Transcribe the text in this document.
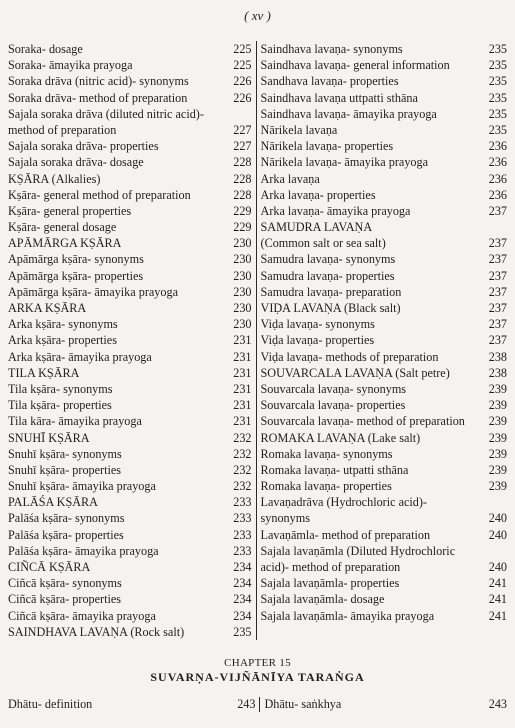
( xv )
Soraka- dosage	225
Soraka- āmayika prayoga	225
Soraka drāva (nitric acid)- synonyms	226
Soraka drāva- method of preparation	226
Sajala soraka drāva (diluted nitric acid)-
method of preparation	227
Sajala soraka drāva- properties	227
Sajala soraka drāva- dosage	228
KṢĀRA (Alkalies)	228
Kṣāra- general method of preparation	228
Kṣāra- general properties	229
Kṣāra- general dosage	229
APĀMĀRGA KṢĀRA	230
Apāmārga kṣāra- synonyms	230
Apāmārga kṣāra- properties	230
Apāmārga kṣāra- āmayika prayoga	230
ARKA KṢĀRA	230
Arka kṣāra- synonyms	230
Arka kṣāra- properties	231
Arka kṣāra- āmayika prayoga	231
TILA KṢĀRA	231
Tila kṣāra- synonyms	231
Tila kṣāra- properties	231
Tila kāra- āmayika prayoga	231
SNUHĪ KṢĀRA	232
Snuhī kṣāra- synonyms	232
Snuhī kṣāra- properties	232
Snuhī kṣāra- āmayika prayoga	232
PALĀŚA KṢĀRA	233
Palāśa kṣāra- synonyms	233
Palāśa kṣāra- properties	233
Palāśa kṣāra- āmayika prayoga	233
CIÑCĀ KṢĀRA	234
Ciñcā kṣāra- synonyms	234
Ciñcā kṣāra- properties	234
Ciñcā kṣāra- āmayika prayoga	234
SAINDHAVA LAVAṆA (Rock salt)	235
Saindhava lavaṇa- synonyms	235
Saindhava lavaṇa- general information	235
Sandhava lavaṇa- properties	235
Saindhava lavaṇa uttpatti sthāna	235
Saindhava lavaṇa- āmayika prayoga	235
Nārikela lavaṇa	235
Nārikela lavaṇa- properties	236
Nārikela lavaṇa- āmayika prayoga	236
Arka lavaṇa	236
Arka lavaṇa- properties	236
Arka lavaṇa- āmayika prayoga	237
SAMUDRA LAVAṆA
(Common salt or sea salt)	237
Samudra lavaṇa- synonyms	237
Samudra lavaṇa- properties	237
Samudra lavaṇa- preparation	237
VIḌA LAVAṆA (Black salt)	237
Viḍa lavaṇa- synonyms	237
Viḍa lavaṇa- properties	237
Viḍa lavaṇa- methods of preparation	238
SOUVARCALA LAVAṆA (Salt petre)	238
Souvarcala lavaṇa- synonyms	239
Souvarcala lavaṇa- properties	239
Souvarcala lavaṇa- method of preparation	239
ROMAKA LAVAṆA (Lake salt)	239
Romaka lavaṇa- synonyms	239
Romaka lavaṇa- utpatti sthāna	239
Romaka lavaṇa- properties	239
Lavaṇadrāva (Hydrochloric acid)-
synonyms	240
Lavaṇāmla- method of preparation	240
Sajala lavaṇāmla (Diluted Hydrochloric
acid)- method of preparation	240
Sajala lavaṇāmla- properties	241
Sajala lavaṇāmla- dosage	241
Sajala lavaṇāmla- āmayika prayoga	241
CHAPTER 15
SUVARṆA-VIJÑĀNĪYA TARAṄGA
Dhātu- definition	243 Dhātu- saṅkhya	243
